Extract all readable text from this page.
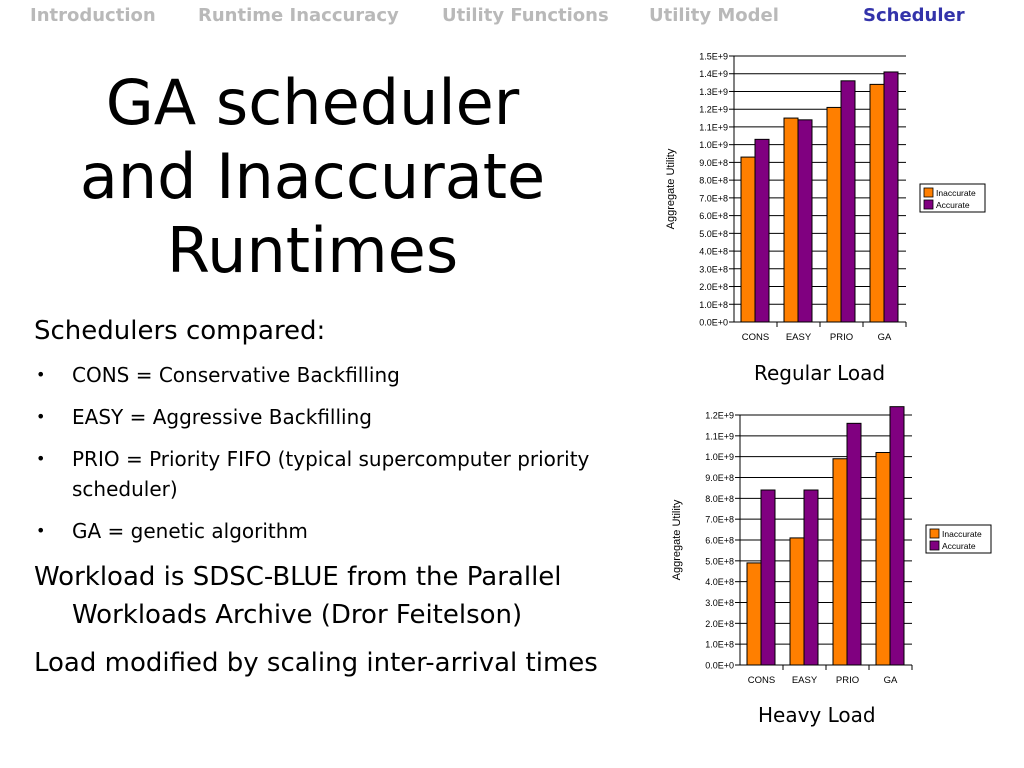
Introduction Runtime Inaccuracy Utility Functions Utility Model	Scheduler
GA scheduler
and Inaccurate
Runtimes
Schedulers compared:
• CONS = Conservative Backfilling
• EASY = Aggressive Backfilling
• PRIO = Priority FIFO (typical supercomputer priority scheduler)
• GA = genetic algorithm
Workload is SDSC-BLUE from the Parallel Workloads Archive (Dror Feitelson)
Load modified by scaling inter-arrival times
0.0E+0
1.0E+8
2.0E+8
3.0E+8
4.0E+8
5.0E+8
6.0E+8
7.0E+8
8.0E+8
9.0E+8
1.0E+9
1.1E+9
1.2E+9
1.3E+9
1.4E+9
1.5E+9
CONS EASY PRIO	GA
Aggregate Utility	Inaccurate
Accurate
Regular Load
0.0E+0
1.0E+8
2.0E+8
3.0E+8
4.0E+8
5.0E+8
6.0E+8
7.0E+8
8.0E+8
9.0E+8
1.0E+9
1.1E+9
1.2E+9
CONS EASY PRIO	GA
Aggregate Utility	Inaccurate
Accurate
Heavy Load
